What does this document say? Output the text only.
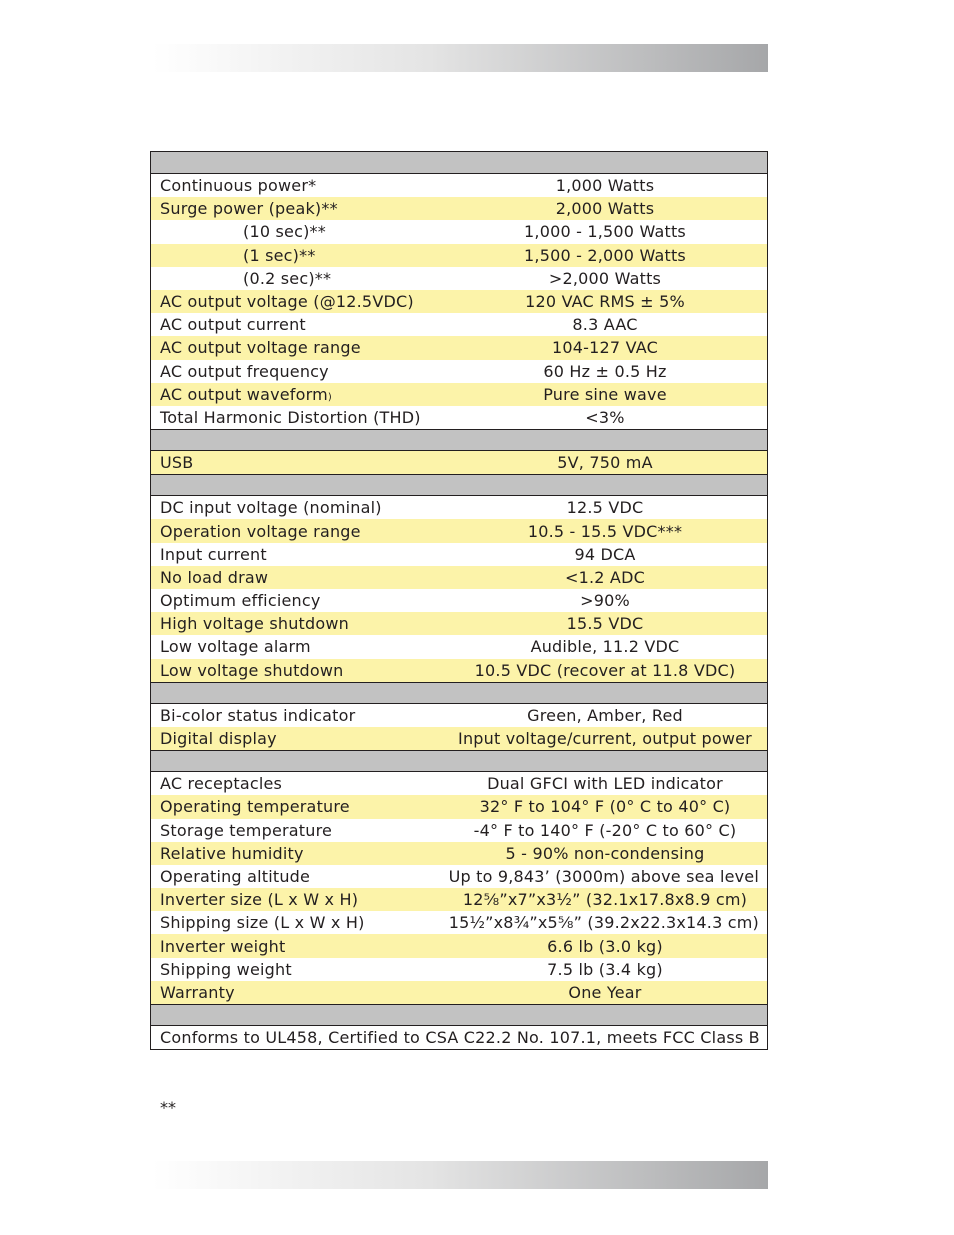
Continuous power*	1,000 Watts
Surge power (peak)**	2,000 Watts
(10 sec)**	1,000 - 1,500 Watts
(1 sec)**	1,500 - 2,000 Watts
(0.2 sec)**	>2,000 Watts
AC output voltage (@12.5VDC)	120 VAC RMS ± 5%
AC output current	8.3 AAC
AC output voltage range	104-127 VAC
AC output frequency	60 Hz ± 0.5 Hz
AC output waveform)	Pure sine wave
Total Harmonic Distortion (THD)	<3%
USB	5V, 750 mA
DC input voltage (nominal)	12.5 VDC
Operation voltage range	10.5 - 15.5 VDC***
Input current	94 DCA
No load draw	<1.2 ADC
Optimum efficiency	>90%
High voltage shutdown	15.5 VDC
Low voltage alarm	Audible, 11.2 VDC
Low voltage shutdown	10.5 VDC (recover at 11.8 VDC)
Bi-color status indicator	Green, Amber, Red
Digital display	Input voltage/current, output power
AC receptacles	Dual GFCI with LED indicator
Operating temperature	32° F to 104° F (0° C to 40° C)
Storage temperature	-4° F to 140° F (-20° C to 60° C)
Relative humidity	5 - 90% non-condensing
Operating altitude	Up to 9,843’ (3000m) above sea level
Inverter size (L x W x H)	12⅝”x7”x3½” (32.1x17.8x8.9 cm)
Shipping size (L x W x H)	15½”x8¾”x5⅝” (39.2x22.3x14.3 cm)
Inverter weight	6.6 lb (3.0 kg)
Shipping weight	7.5 lb (3.4 kg)
Warranty	One Year
Conforms to UL458, Certified to CSA C22.2 No. 107.1, meets FCC Class B
**
